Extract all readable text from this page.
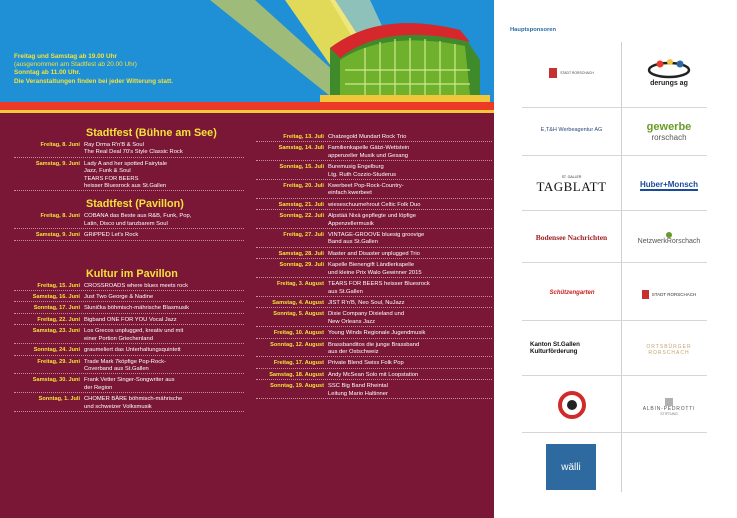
Freitag und Samstag ab 19.00 Uhr
(ausgenommen am Stadtfest ab 20.00 Uhr)
Sonntag ab 11.00 Uhr.
Die Veranstaltungen finden bei jeder Witterung statt.
Stadtfest (Bühne am See)
Freitag, 8. Juni Ray Drma R'n'B & Soul
The Real Deal 70's Style Classic Rock
Samstag, 9. Juni Lady A and her spotted Fairytale
Jazz, Funk & Soul
TEARS FOR BEERS
heisser Bluesrock aus St.Gallen
Stadtfest (Pavillon)
Freitag, 8. Juni COBANA das Beste aus R&B, Funk, Pop,
Latin, Disco und tanzbarem Soul
Samstag, 9. Juni GRiPPED Let's Rock
Kultur im Pavillon
Freitag, 15. Juni CROSSROADS where blues meets rock
Samstag, 16. Juni Just Two George & Nadine
Sonntag, 17. Juni Slunička böhmisch-mährische Blasmusik
Freitag, 22. Juni Bigband ONE FOR YOU Vocal Jazz
Samstag, 23. Juni Los Grecos unplugged, kreativ und mit
einer Portion Griechenland
Sonntag, 24. Juni graumeliert das Unterhaltungsquintett
Freitag, 29. Juni Trade Mark 7köpfige Pop-Rock-
Coverband aus St.Gallen
Samstag, 30. Juni Frank Vetter Singer-Songwriter aus
der Region
Sonntag, 1. Juli CHOMER BÄRE böhmisch-mährische
und schweizer Volksmusik
Freitag, 13. Juli Chatzegold Mundart Rock Trio
Samstag, 14. Juli Familienkapelle Gätzi-Wettstein
appenzeller Musik und Gesang
Sonntag, 15. Juli Buremusig Engelburg
Ltg. Ruth Cozzio-Studerus
Freitag, 20. Juli Kwerbeet Pop-Rock-Country-
einfach kwerbeet
Samstag, 21. Juli wieseschuumehrout Celtic Folk Duo
Sonntag, 22. Juli Alpstää Nixä gepflegte und löpfige
Appenzellermusik
Freitag, 27. Juli VINTAGE-GROOVE bluesig groovige
Band aus St.Gallen
Samstag, 28. Juli Master and Disaster unplugged Trio
Sonntag, 29. Juli Kapelle Bienengift Ländlerkapelle
und kleine Prix Walo Gewinner 2015
Freitag, 3. August TEARS FOR BEERS heisser Bluesrock
aus St.Gallen
Samstag, 4. August JIST R'n'B, Neo Soul, NuJazz
Sonntag, 5. August Dixie Company Dixieland und
New Orleans Jazz
Freitag, 10. August Young Winds Regionale Jugendmusik
Sonntag, 12. August Brassbanditos die junge Brassband
aus der Ostschweiz
Freitag, 17. August Private Blend Swiss Folk Pop
Samstag, 18. August Andy McSean Solo mit Loopstation
Sonntag, 19. August SSC Big Band Rheintal
Leitung Mario Haltinner
Hauptsponsoren
STADT RORSCHACH
derungs ag
E,T&H Werbeagentur AG	gewerbe
rorschach
ST. GALLER
TAGBLATT	Huber+Monsch
Bodensee Nachrichten	NetzwerkRorschach
Schützengarten	STADT RORSCHACH
Kanton St.Gallen
Kulturförderung
ORTSBÜRGER
RORSCHACH
ALBIN-PEDROTTI
STIFTUNG
wälli
